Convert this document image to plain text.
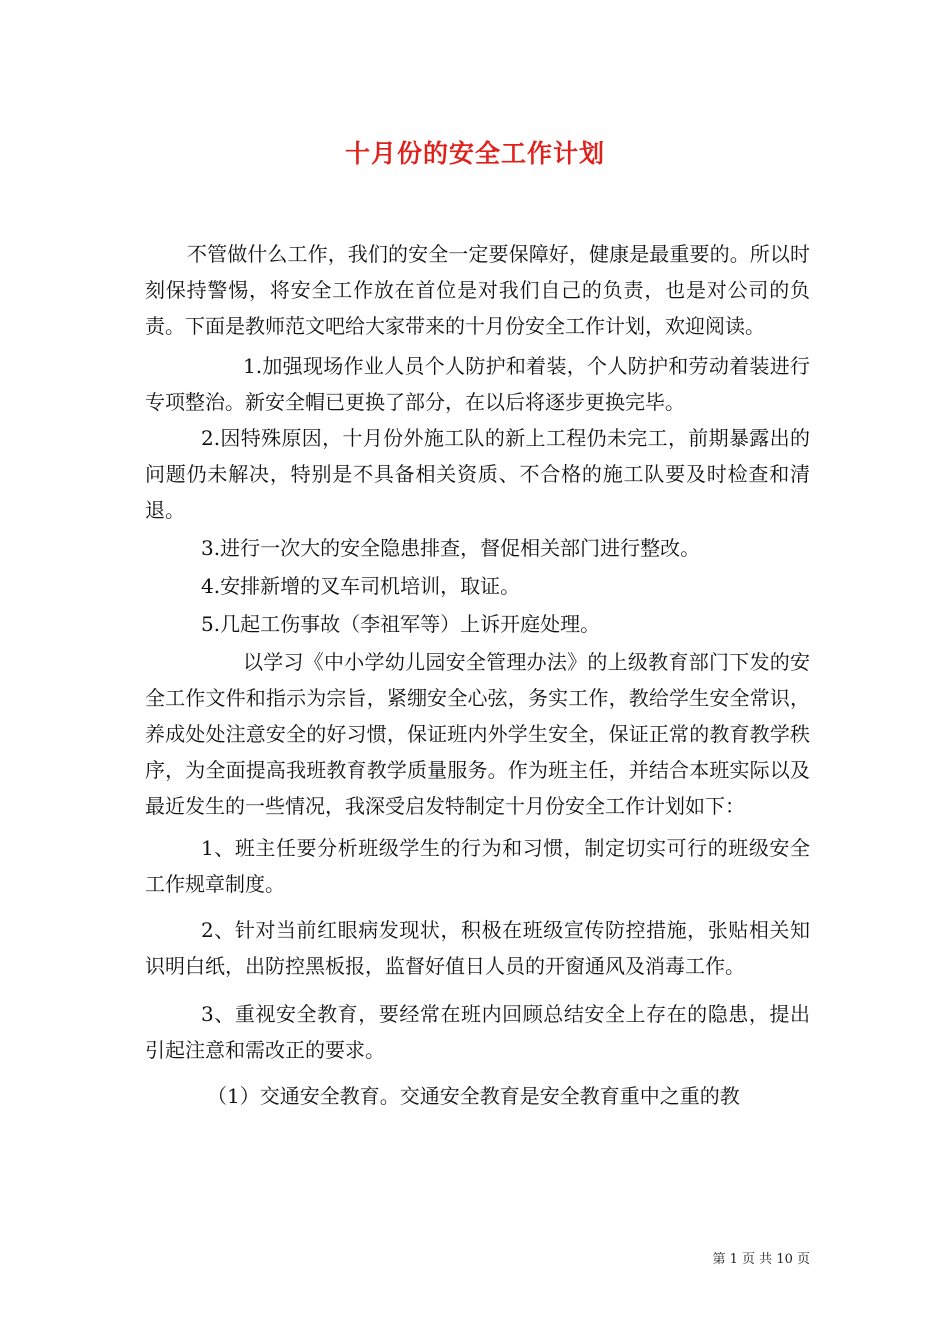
十月份的安全工作计划

不管做什么工作，我们的安全一定要保障好，健康是最重要的。所以时刻保持警惕，将安全工作放在首位是对我们自己的负责，也是对公司的负责。下面是教师范文吧给大家带来的十月份安全工作计划，欢迎阅读。

1.加强现场作业人员个人防护和着装，个人防护和劳动着装进行专项整治。新安全帽已更换了部分，在以后将逐步更换完毕。

2.因特殊原因，十月份外施工队的新上工程仍未完工，前期暴露出的问题仍未解决，特别是不具备相关资质、不合格的施工队要及时检查和清退。

3.进行一次大的安全隐患排查，督促相关部门进行整改。

4.安排新增的叉车司机培训，取证。

5.几起工伤事故（李祖军等）上诉开庭处理。

以学习《中小学幼儿园安全管理办法》的上级教育部门下发的安全工作文件和指示为宗旨，紧绷安全心弦，务实工作，教给学生安全常识，养成处处注意安全的好习惯，保证班内外学生安全，保证正常的教育教学秩序，为全面提高我班教育教学质量服务。作为班主任，并结合本班实际以及最近发生的一些情况，我深受启发特制定十月份安全工作计划如下：

1、班主任要分析班级学生的行为和习惯，制定切实可行的班级安全工作规章制度。

2、针对当前红眼病发现状，积极在班级宣传防控措施，张贴相关知识明白纸，出防控黑板报，监督好值日人员的开窗通风及消毒工作。

3、重视安全教育，要经常在班内回顾总结安全上存在的隐患，提出引起注意和需改正的要求。

（1）交通安全教育。交通安全教育是安全教育重中之重的教

第 1 页 共 10 页
